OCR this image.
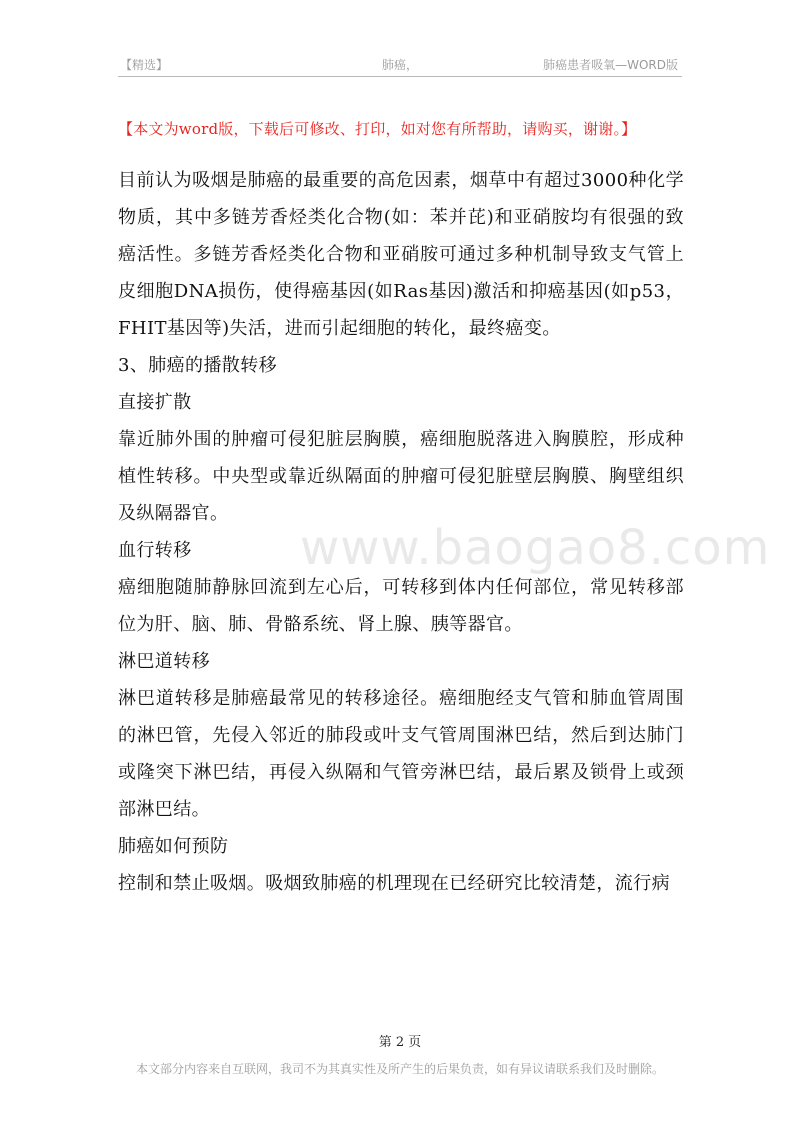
【精选】	肺癌，	肺癌患者吸氧—WORD版
【本文为word版，下载后可修改、打印，如对您有所帮助，请购买，谢谢。】

目前认为吸烟是肺癌的最重要的高危因素，烟草中有超过3000种化学物质，其中多链芳香烃类化合物(如：苯并芘)和亚硝胺均有很强的致癌活性。多链芳香烃类化合物和亚硝胺可通过多种机制导致支气管上皮细胞DNA损伤，使得癌基因(如Ras基因)激活和抑癌基因(如p53，FHIT基因等)失活，进而引起细胞的转化，最终癌变。

3、肺癌的播散转移

直接扩散

靠近肺外围的肿瘤可侵犯脏层胸膜，癌细胞脱落进入胸膜腔，形成种植性转移。中央型或靠近纵隔面的肿瘤可侵犯脏壁层胸膜、胸壁组织及纵隔器官。

血行转移

癌细胞随肺静脉回流到左心后，可转移到体内任何部位，常见转移部位为肝、脑、肺、骨骼系统、肾上腺、胰等器官。

淋巴道转移

淋巴道转移是肺癌最常见的转移途径。癌细胞经支气管和肺血管周围的淋巴管，先侵入邻近的肺段或叶支气管周围淋巴结，然后到达肺门或隆突下淋巴结，再侵入纵隔和气管旁淋巴结，最后累及锁骨上或颈部淋巴结。

肺癌如何预防

控制和禁止吸烟。吸烟致肺癌的机理现在已经研究比较清楚，流行病

www.baogao8.com
第 2 页
本文部分内容来自互联网，我司不为其真实性及所产生的后果负责，如有异议请联系我们及时删除。
